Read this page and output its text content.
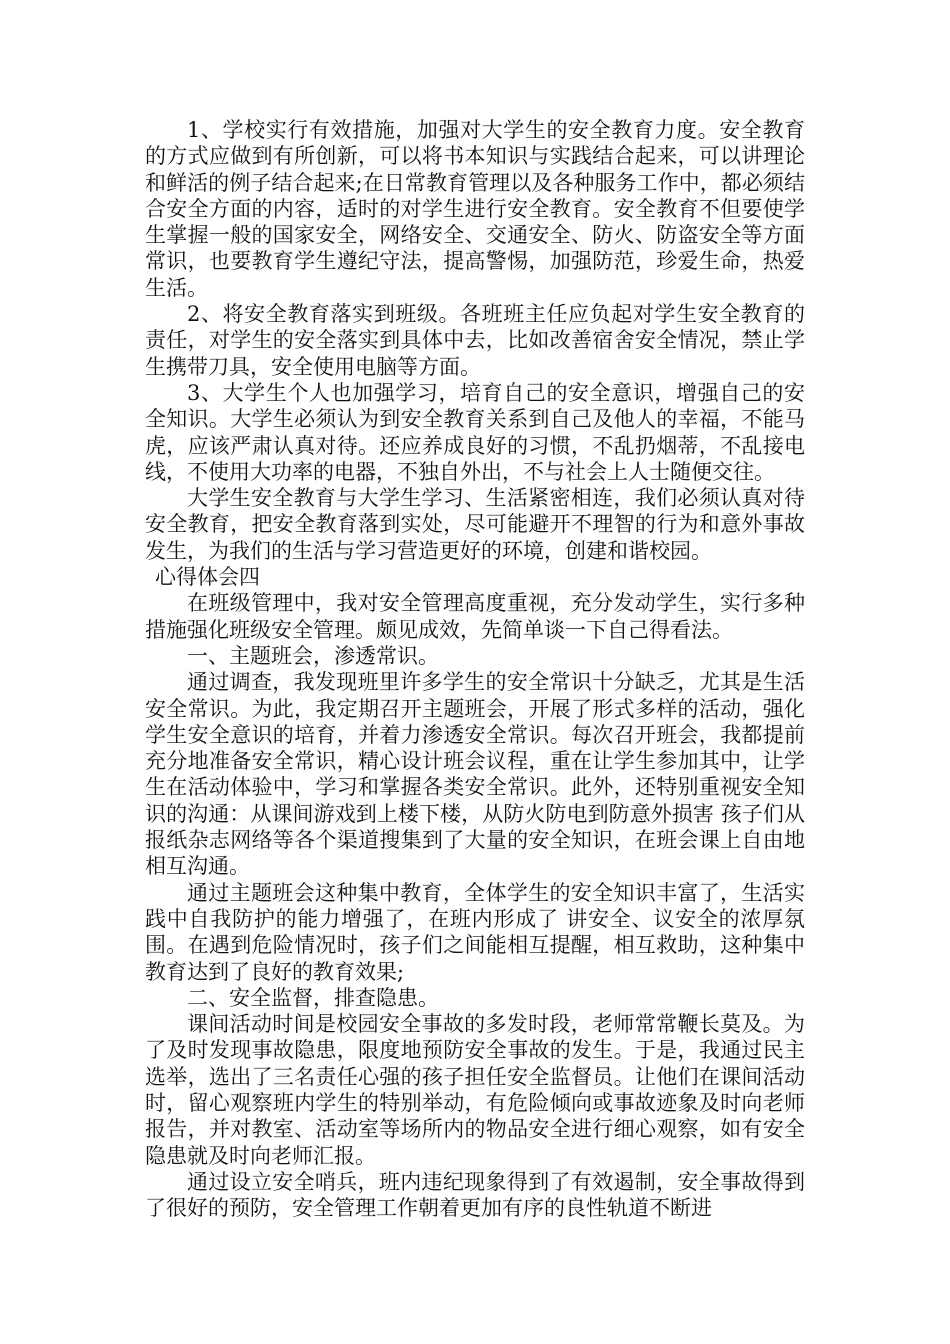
1、学校实行有效措施，加强对大学生的安全教育力度。安全教育的方式应做到有所创新，可以将书本知识与实践结合起来，可以讲理论和鲜活的例子结合起来;在日常教育管理以及各种服务工作中，都必须结合安全方面的内容，适时的对学生进行安全教育。安全教育不但要使学生掌握一般的国家安全，网络安全、交通安全、防火、防盗安全等方面常识，也要教育学生遵纪守法，提高警惕，加强防范，珍爱生命，热爱生活。

2、将安全教育落实到班级。各班班主任应负起对学生安全教育的责任，对学生的安全落实到具体中去，比如改善宿舍安全情况，禁止学生携带刀具，安全使用电脑等方面。

3、大学生个人也加强学习，培育自己的安全意识，增强自己的安全知识。大学生必须认为到安全教育关系到自己及他人的幸福，不能马虎，应该严肃认真对待。还应养成良好的习惯，不乱扔烟蒂，不乱接电线，不使用大功率的电器，不独自外出，不与社会上人士随便交往。

大学生安全教育与大学生学习、生活紧密相连，我们必须认真对待安全教育，把安全教育落到实处，尽可能避开不理智的行为和意外事故发生，为我们的生活与学习营造更好的环境，创建和谐校园。

心得体会四

在班级管理中，我对安全管理高度重视，充分发动学生，实行多种措施强化班级安全管理。颇见成效，先简单谈一下自己得看法。

一、主题班会，渗透常识。

通过调查，我发现班里许多学生的安全常识十分缺乏，尤其是生活安全常识。为此，我定期召开主题班会，开展了形式多样的活动，强化学生安全意识的培育，并着力渗透安全常识。每次召开班会，我都提前充分地准备安全常识，精心设计班会议程，重在让学生参加其中，让学生在活动体验中，学习和掌握各类安全常识。此外，还特别重视安全知识的沟通：从课间游戏到上楼下楼，从防火防电到防意外损害 孩子们从报纸杂志网络等各个渠道搜集到了大量的安全知识，在班会课上自由地相互沟通。

通过主题班会这种集中教育，全体学生的安全知识丰富了，生活实践中自我防护的能力增强了，在班内形成了 讲安全、议安全的浓厚氛围。在遇到危险情况时，孩子们之间能相互提醒，相互救助，这种集中教育达到了良好的教育效果;

二、安全监督，排查隐患。

课间活动时间是校园安全事故的多发时段，老师常常鞭长莫及。为了及时发现事故隐患，限度地预防安全事故的发生。于是，我通过民主选举，选出了三名责任心强的孩子担任安全监督员。让他们在课间活动时，留心观察班内学生的特别举动，有危险倾向或事故迹象及时向老师报告，并对教室、活动室等场所内的物品安全进行细心观察，如有安全隐患就及时向老师汇报。

通过设立安全哨兵，班内违纪现象得到了有效遏制，安全事故得到了很好的预防，安全管理工作朝着更加有序的良性轨道不断进
